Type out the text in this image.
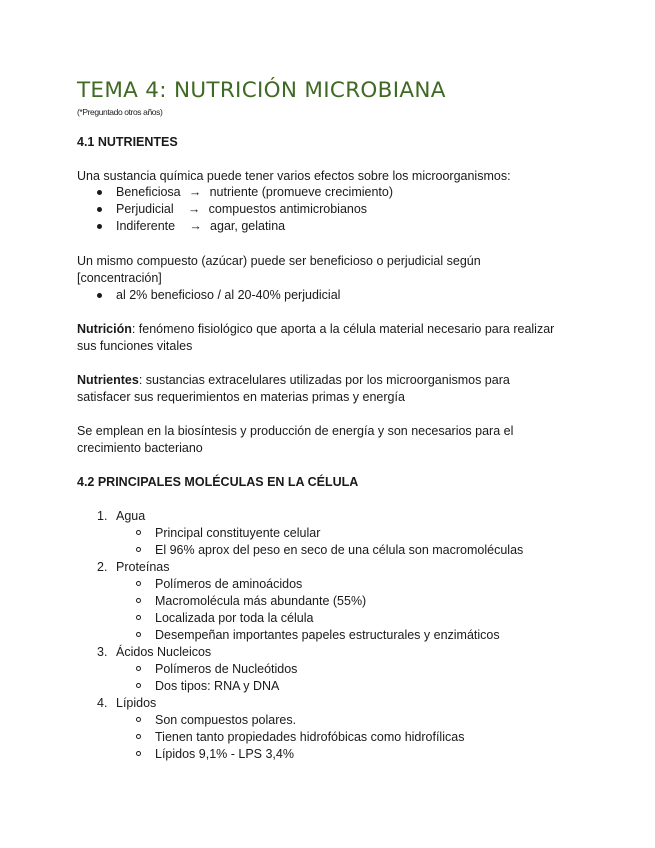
TEMA 4: NUTRICIÓN MICROBIANA
(*Preguntado otros años)
4.1 NUTRIENTES
Una sustancia química puede tener varios efectos sobre los microorganismos:
Beneficiosa → nutriente (promueve crecimiento)
Perjudicial → compuestos antimicrobianos
Indiferente → agar, gelatina
Un mismo compuesto (azúcar) puede ser beneficioso o perjudicial según
[concentración]
al 2% beneficioso / al 20-40% perjudicial
Nutrición: fenómeno fisiológico que aporta a la célula material necesario para realizar
sus funciones vitales
Nutrientes: sustancias extracelulares utilizadas por los microorganismos para
satisfacer sus requerimientos en materias primas y energía
Se emplean en la biosíntesis y producción de energía y son necesarios para el
crecimiento bacteriano
4.2 PRINCIPALES MOLÉCULAS EN LA CÉLULA
1. Agua
Principal constituyente celular
El 96% aprox del peso en seco de una célula son macromoléculas
2. Proteínas
Polímeros de aminoácidos
Macromolécula más abundante (55%)
Localizada por toda la célula
Desempeñan importantes papeles estructurales y enzimáticos
3. Ácidos Nucleicos
Polímeros de Nucleótidos
Dos tipos: RNA y DNA
4. Lípidos
Son compuestos polares.
Tienen tanto propiedades hidrofóbicas como hidrofílicas
Lípidos 9,1% - LPS 3,4%
